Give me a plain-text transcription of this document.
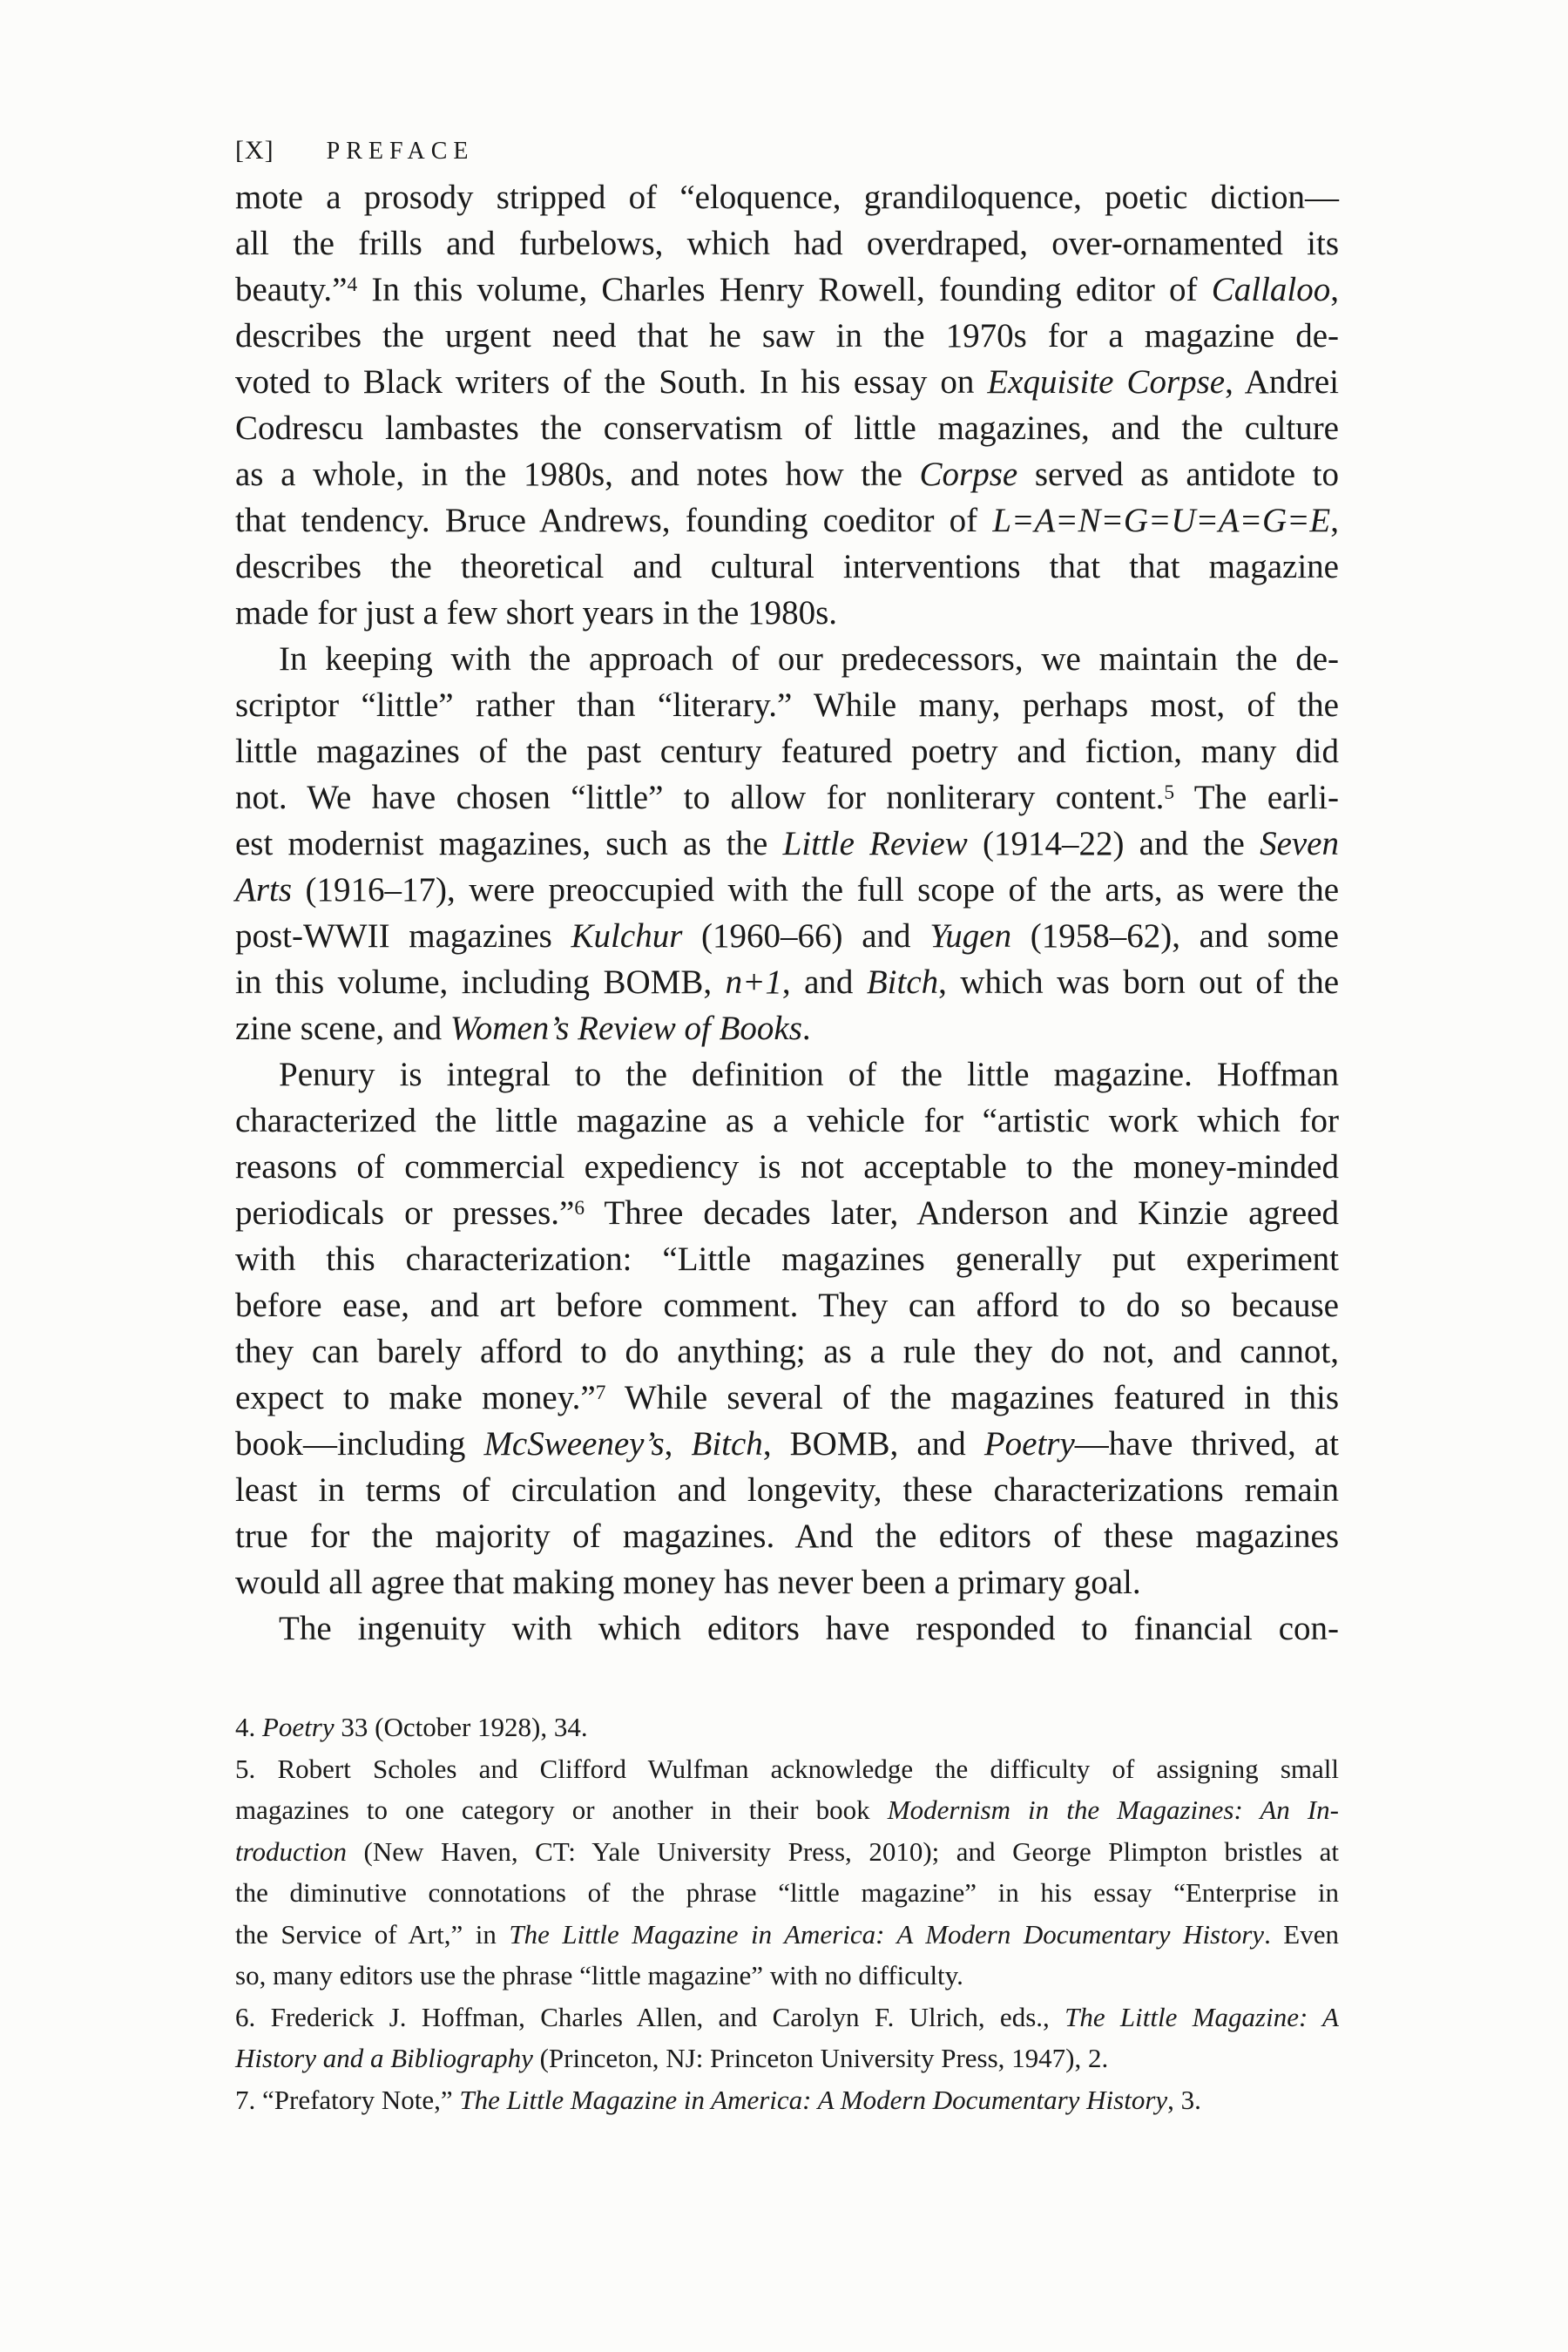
[X] PREFACE
mote a prosody stripped of “eloquence, grandiloquence, poetic diction—
all the frills and furbelows, which had overdraped, over-ornamented its
beauty.”$^4$ In this volume, Charles Henry Rowell, founding editor of Callaloo,
describes the urgent need that he saw in the 1970s for a magazine de-
voted to Black writers of the South. In his essay on Exquisite Corpse, Andrei
Codrescu lambastes the conservatism of little magazines, and the culture
as a whole, in the 1980s, and notes how the Corpse served as antidote to
that tendency. Bruce Andrews, founding coeditor of L=A=N=G=U=A=G=E,
describes the theoretical and cultural interventions that that magazine
made for just a few short years in the 1980s.
In keeping with the approach of our predecessors, we maintain the de-
scriptor “little” rather than “literary.” While many, perhaps most, of the
little magazines of the past century featured poetry and fiction, many did
not. We have chosen “little” to allow for nonliterary content.$^5$ The earli-
est modernist magazines, such as the Little Review (1914–22) and the Seven
Arts (1916–17), were preoccupied with the full scope of the arts, as were the
post-WWII magazines Kulchur (1960–66) and Yugen (1958–62), and some
in this volume, including BOMB, n+1, and Bitch, which was born out of the
zine scene, and Women’s Review of Books.
Penury is integral to the definition of the little magazine. Hoffman
characterized the little magazine as a vehicle for “artistic work which for
reasons of commercial expediency is not acceptable to the money-minded
periodicals or presses.”$^6$ Three decades later, Anderson and Kinzie agreed
with this characterization: “Little magazines generally put experiment
before ease, and art before comment. They can afford to do so because
they can barely afford to do anything; as a rule they do not, and cannot,
expect to make money.”$^7$ While several of the magazines featured in this
book—including McSweeney’s, Bitch, BOMB, and Poetry—have thrived, at
least in terms of circulation and longevity, these characterizations remain
true for the majority of magazines. And the editors of these magazines
would all agree that making money has never been a primary goal.
The ingenuity with which editors have responded to financial con-
4. Poetry 33 (October 1928), 34.
5. Robert Scholes and Clifford Wulfman acknowledge the difficulty of assigning small
magazines to one category or another in their book Modernism in the Magazines: An In-
troduction (New Haven, CT: Yale University Press, 2010); and George Plimpton bristles at
the diminutive connotations of the phrase “little magazine” in his essay “Enterprise in
the Service of Art,” in The Little Magazine in America: A Modern Documentary History. Even
so, many editors use the phrase “little magazine” with no difficulty.
6. Frederick J. Hoffman, Charles Allen, and Carolyn F. Ulrich, eds., The Little Magazine: A
History and a Bibliography (Princeton, NJ: Princeton University Press, 1947), 2.
7. “Prefatory Note,” The Little Magazine in America: A Modern Documentary History, 3.
